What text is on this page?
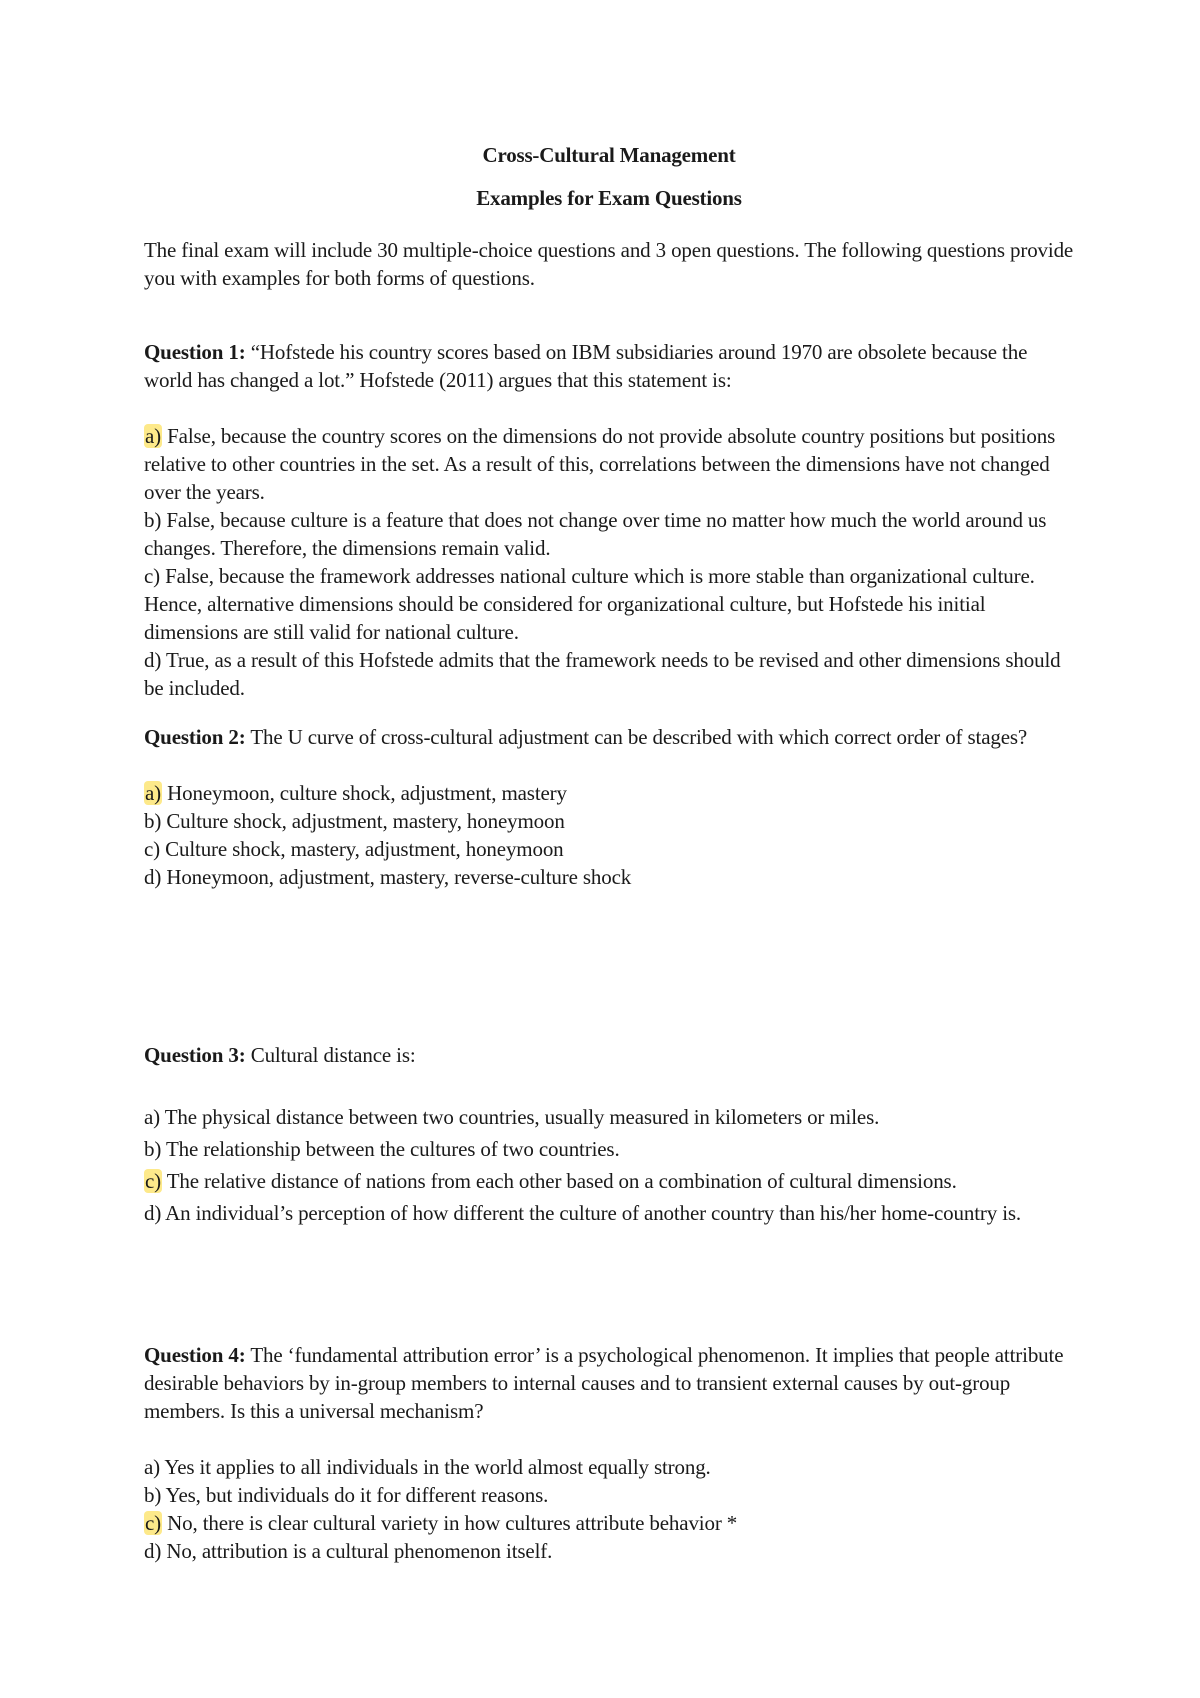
Cross-Cultural Management
Examples for Exam Questions

The final exam will include 30 multiple-choice questions and 3 open questions. The following questions provide you with examples for both forms of questions.

Question 1: “Hofstede his country scores based on IBM subsidiaries around 1970 are obsolete because the world has changed a lot.” Hofstede (2011) argues that this statement is:

a) False, because the country scores on the dimensions do not provide absolute country positions but positions relative to other countries in the set. As a result of this, correlations between the dimensions have not changed over the years.
b) False, because culture is a feature that does not change over time no matter how much the world around us changes. Therefore, the dimensions remain valid.
c) False, because the framework addresses national culture which is more stable than organizational culture. Hence, alternative dimensions should be considered for organizational culture, but Hofstede his initial dimensions are still valid for national culture.
d) True, as a result of this Hofstede admits that the framework needs to be revised and other dimensions should be included.

Question 2: The U curve of cross-cultural adjustment can be described with which correct order of stages?

a) Honeymoon, culture shock, adjustment, mastery
b) Culture shock, adjustment, mastery, honeymoon
c) Culture shock, mastery, adjustment, honeymoon
d) Honeymoon, adjustment, mastery, reverse-culture shock

Question 3: Cultural distance is:

a) The physical distance between two countries, usually measured in kilometers or miles.
b) The relationship between the cultures of two countries.
c) The relative distance of nations from each other based on a combination of cultural dimensions.
d) An individual’s perception of how different the culture of another country than his/her home-country is.

Question 4: The ‘fundamental attribution error’ is a psychological phenomenon. It implies that people attribute desirable behaviors by in-group members to internal causes and to transient external causes by out-group members. Is this a universal mechanism?

a) Yes it applies to all individuals in the world almost equally strong.
b) Yes, but individuals do it for different reasons.
c) No, there is clear cultural variety in how cultures attribute behavior *
d) No, attribution is a cultural phenomenon itself.
